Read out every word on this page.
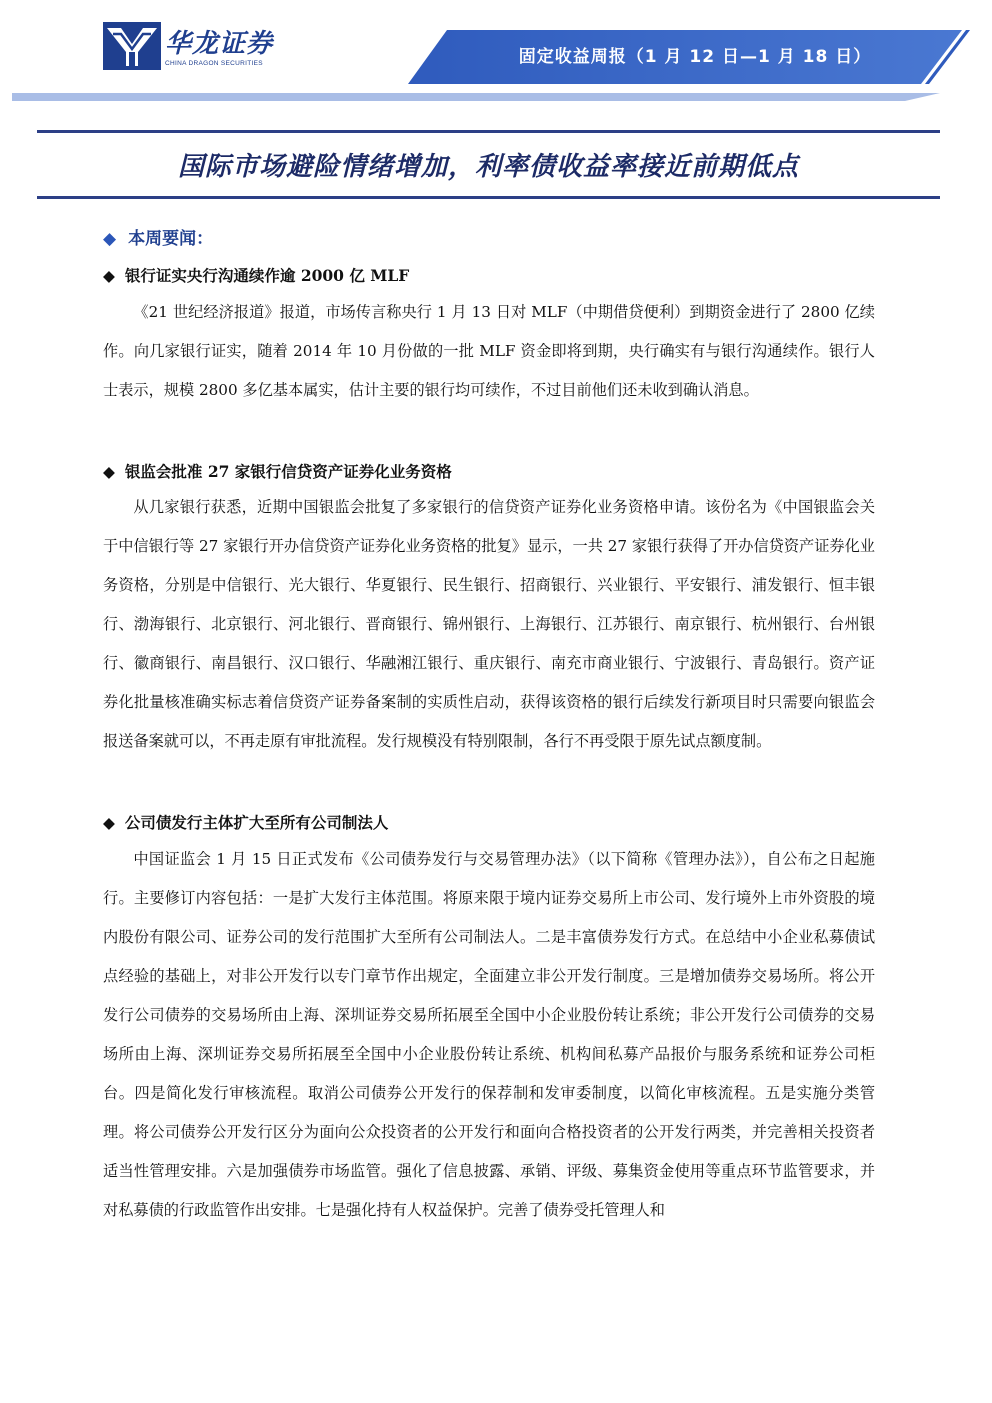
华龙证券
CHINA DRAGON SECURITIES	固定收益周报（1 月 12 日—1 月 18 日）
国际市场避险情绪增加，利率债收益率接近前期低点
◆ 本周要闻：
◆ 银行证实央行沟通续作逾 2000 亿 MLF

《21 世纪经济报道》报道，市场传言称央行 1 月 13 日对 MLF（中期借贷便利）到期资金进行了 2800 亿续作。向几家银行证实，随着 2014 年 10 月份做的一批 MLF 资金即将到期，央行确实有与银行沟通续作。银行人士表示，规模 2800 多亿基本属实，估计主要的银行均可续作，不过目前他们还未收到确认消息。

◆ 银监会批准 27 家银行信贷资产证券化业务资格

从几家银行获悉，近期中国银监会批复了多家银行的信贷资产证券化业务资格申请。该份名为《中国银监会关于中信银行等 27 家银行开办信贷资产证券化业务资格的批复》显示，一共 27 家银行获得了开办信贷资产证券化业务资格，分别是中信银行、光大银行、华夏银行、民生银行、招商银行、兴业银行、平安银行、浦发银行、恒丰银行、渤海银行、北京银行、河北银行、晋商银行、锦州银行、上海银行、江苏银行、南京银行、杭州银行、台州银行、徽商银行、南昌银行、汉口银行、华融湘江银行、重庆银行、南充市商业银行、宁波银行、青岛银行。资产证券化批量核准确实标志着信贷资产证券备案制的实质性启动，获得该资格的银行后续发行新项目时只需要向银监会报送备案就可以，不再走原有审批流程。发行规模没有特别限制，各行不再受限于原先试点额度制。

◆ 公司债发行主体扩大至所有公司制法人

中国证监会 1 月 15 日正式发布《公司债券发行与交易管理办法》（以下简称《管理办法》），自公布之日起施行。主要修订内容包括：一是扩大发行主体范围。将原来限于境内证券交易所上市公司、发行境外上市外资股的境内股份有限公司、证券公司的发行范围扩大至所有公司制法人。二是丰富债券发行方式。在总结中小企业私募债试点经验的基础上，对非公开发行以专门章节作出规定，全面建立非公开发行制度。三是增加债券交易场所。将公开发行公司债券的交易场所由上海、深圳证券交易所拓展至全国中小企业股份转让系统；非公开发行公司债券的交易场所由上海、深圳证券交易所拓展至全国中小企业股份转让系统、机构间私募产品报价与服务系统和证券公司柜台。四是简化发行审核流程。取消公司债券公开发行的保荐制和发审委制度，以简化审核流程。五是实施分类管理。将公司债券公开发行区分为面向公众投资者的公开发行和面向合格投资者的公开发行两类，并完善相关投资者适当性管理安排。六是加强债券市场监管。强化了信息披露、承销、评级、募集资金使用等重点环节监管要求，并对私募债的行政监管作出安排。七是强化持有人权益保护。完善了债券受托管理人和
